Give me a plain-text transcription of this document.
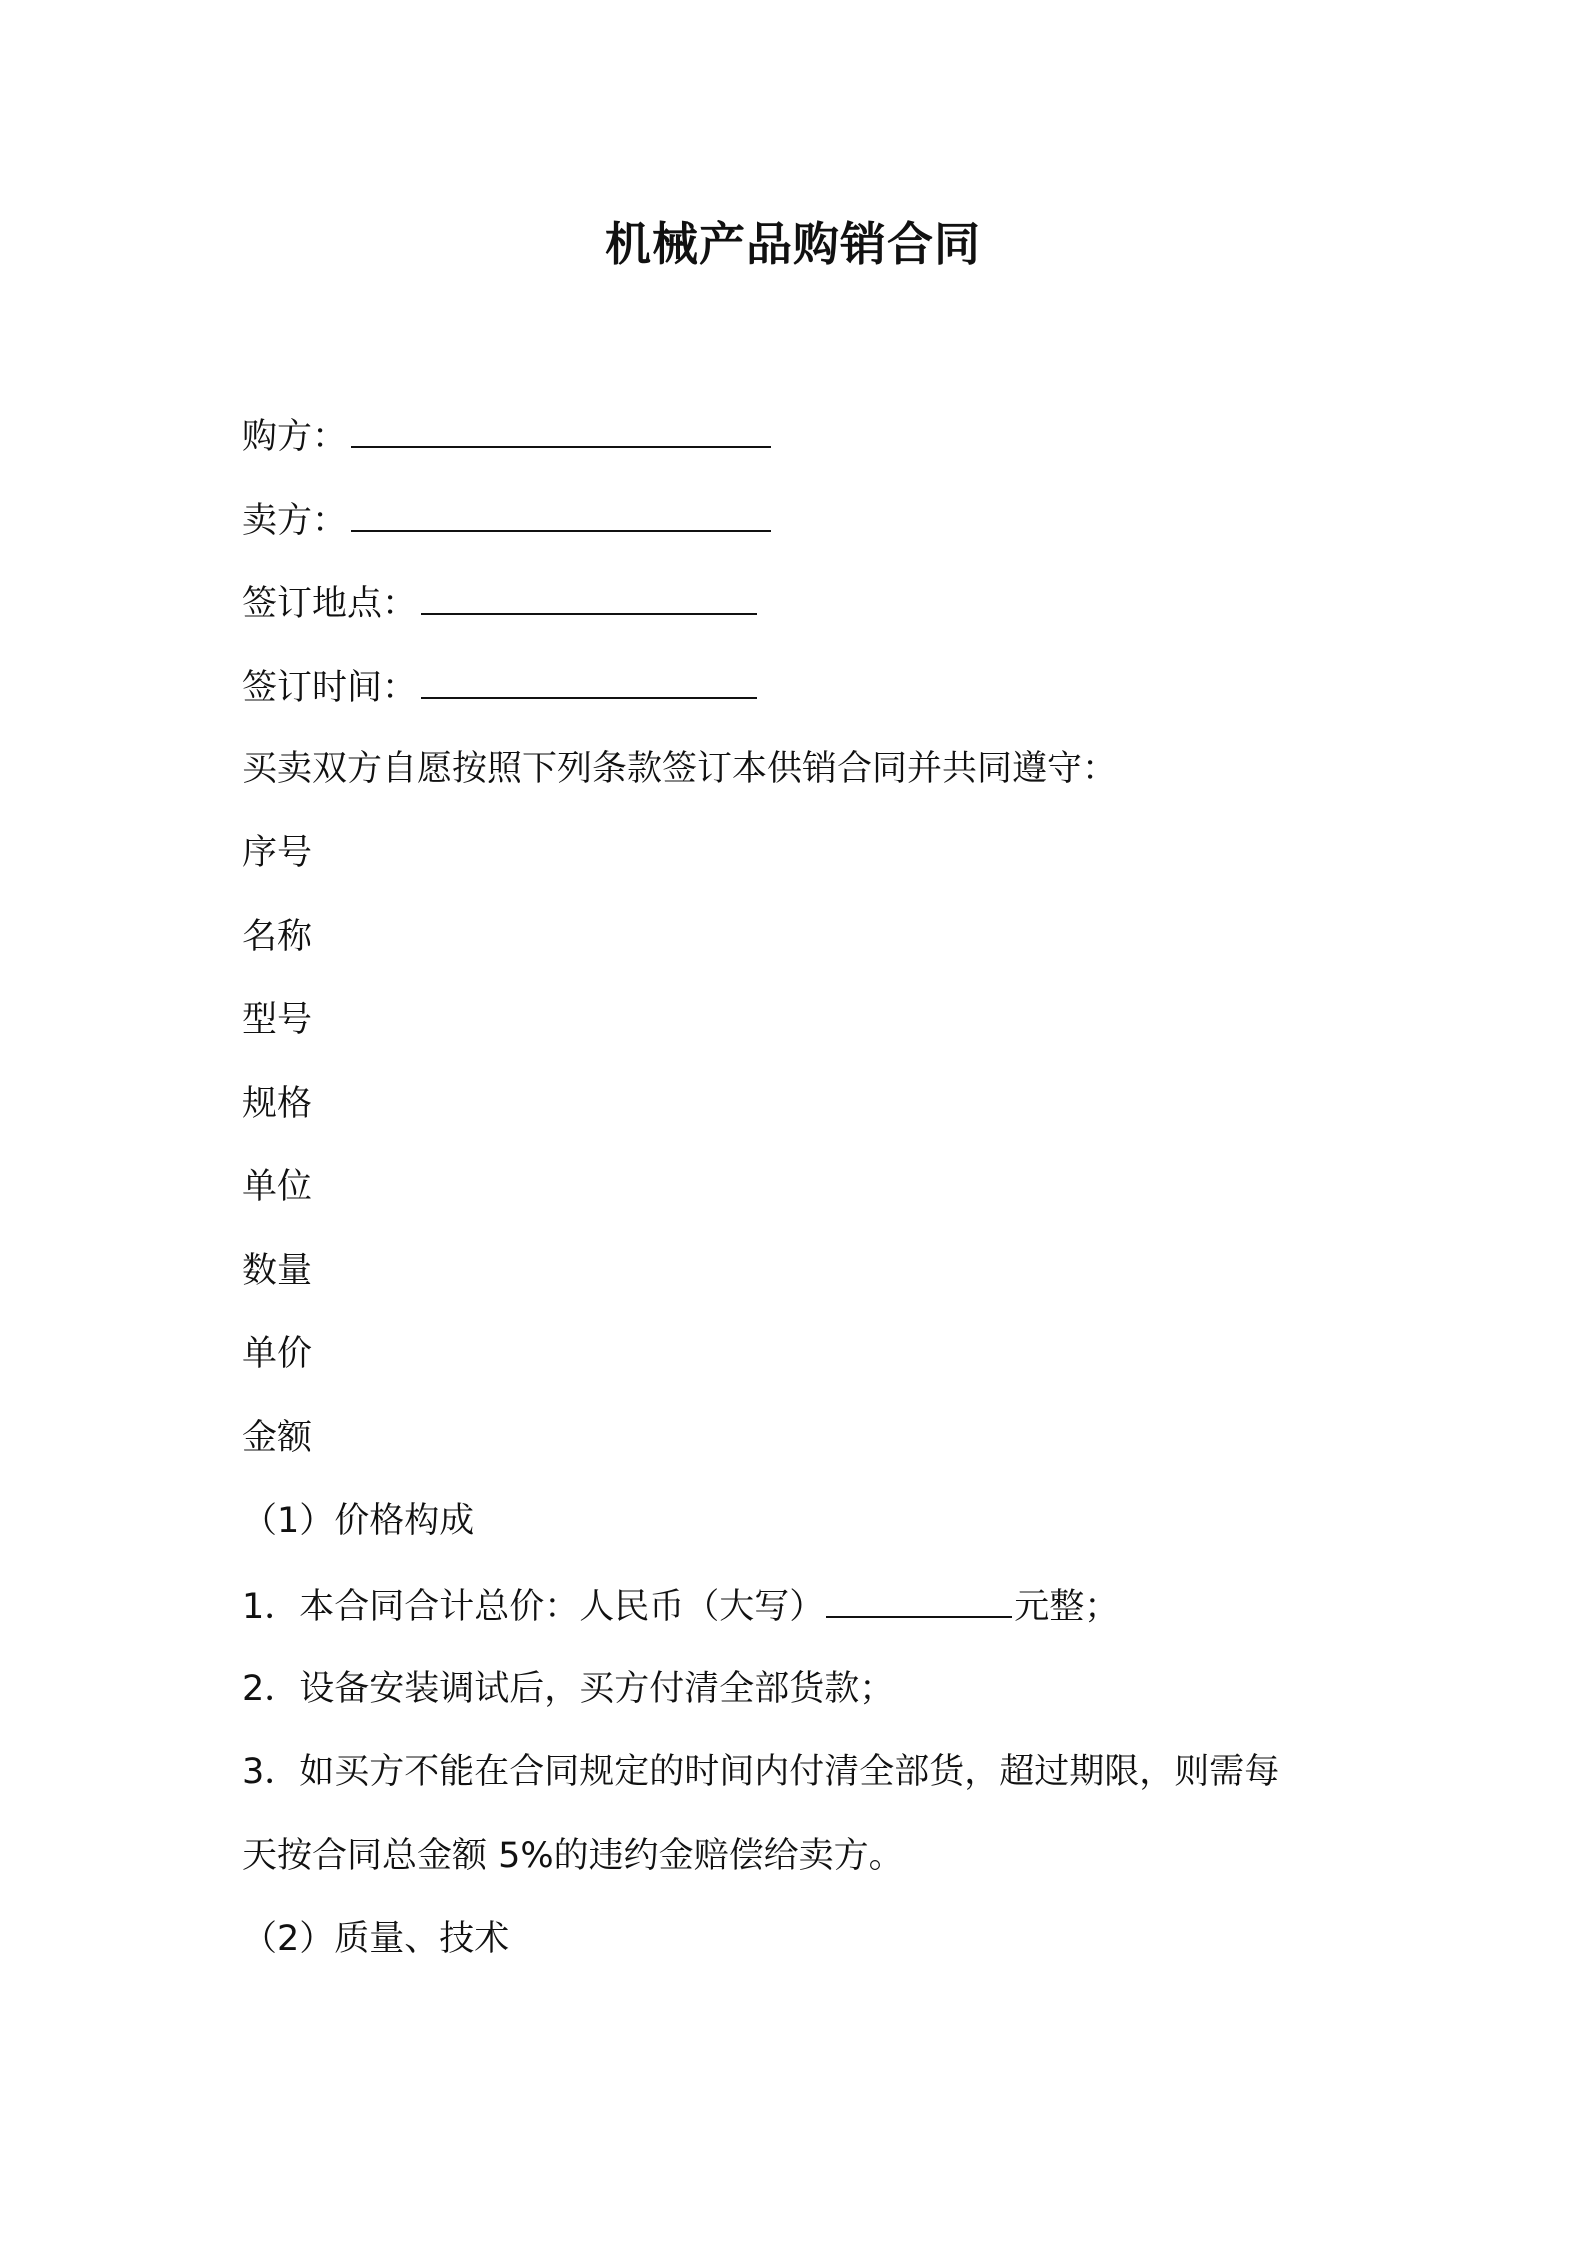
机械产品购销合同
购方：
卖方：
签订地点：
签订时间：
买卖双方自愿按照下列条款签订本供销合同并共同遵守：
序号
名称
型号
规格
单位
数量
单价
金额
（1）价格构成
1．本合同合计总价：人民币（大写）	元整；
2．设备安装调试后，买方付清全部货款；
3．如买方不能在合同规定的时间内付清全部货，超过期限，则需每
天按合同总金额 5%的违约金赔偿给卖方。
（2）质量、技术
